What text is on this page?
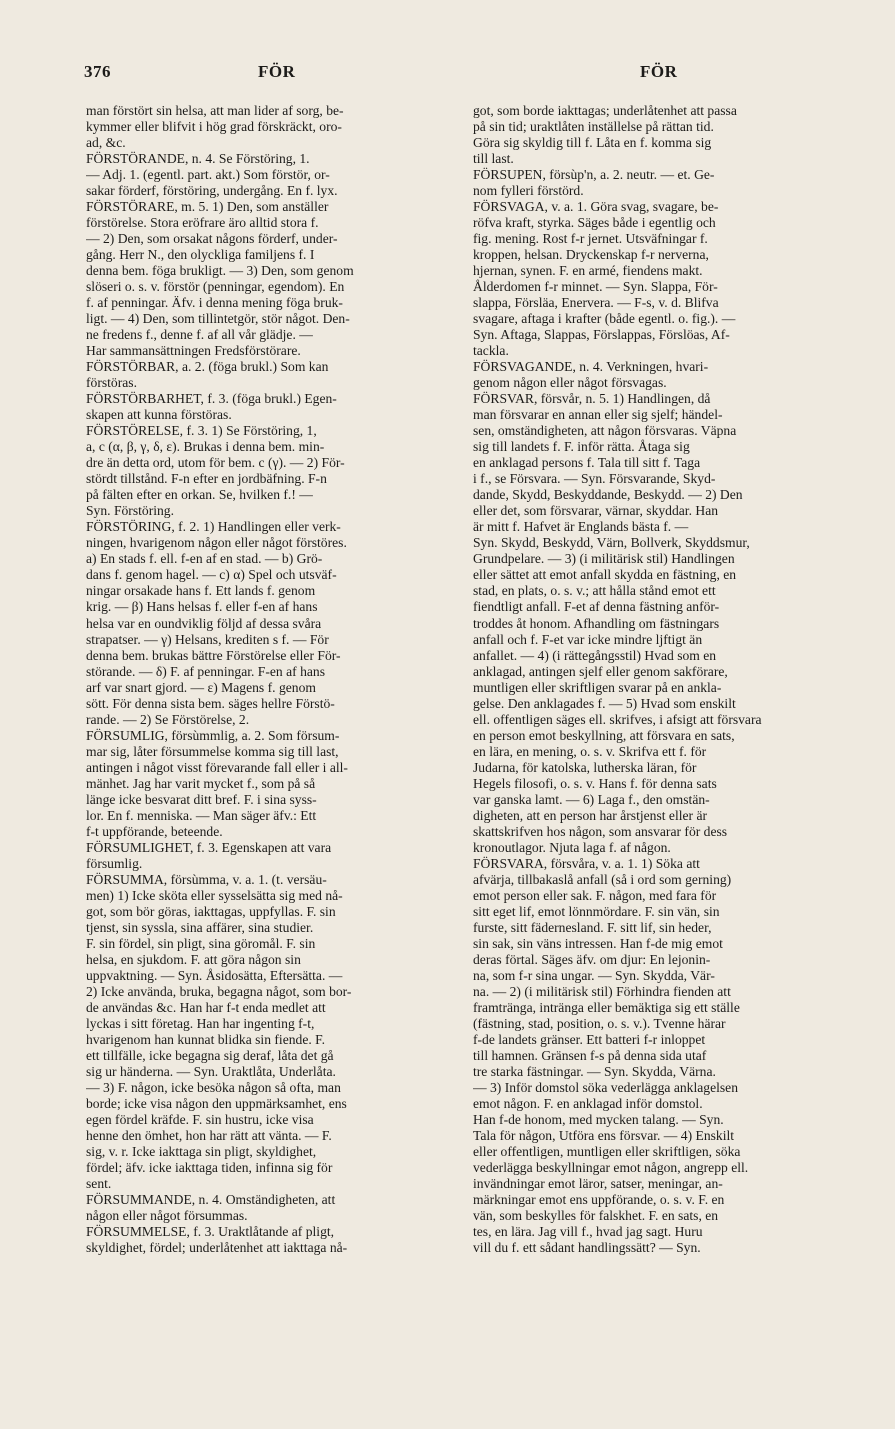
376	FÖR	FÖR
man förstört sin helsa, att man lider af sorg, be-
kymmer eller blifvit i hög grad förskräckt, oro-
ad, &c.
FÖRSTÖRANDE, n. 4. Se Förstöring, 1.
— Adj. 1. (egentl. part. akt.) Som förstör, or-
sakar förderf, förstöring, undergång. En f. lyx.
FÖRSTÖRARE, m. 5. 1) Den, som anställer
förstörelse. Stora eröfrare äro alltid stora f.
— 2) Den, som orsakat någons förderf, under-
gång. Herr N., den olyckliga familjens f. I
denna bem. föga brukligt. — 3) Den, som genom
slöseri o. s. v. förstör (penningar, egendom). En
f. af penningar. Äfv. i denna mening föga bruk-
ligt. — 4) Den, som tillintetgör, stör något. Den-
ne fredens f., denne f. af all vår glädje. —
Har sammansättningen Fredsförstörare.
FÖRSTÖRBAR, a. 2. (föga brukl.) Som kan
förstöras.
FÖRSTÖRBARHET, f. 3. (föga brukl.) Egen-
skapen att kunna förstöras.
FÖRSTÖRELSE, f. 3. 1) Se Förstöring, 1,
a, c (α, β, γ, δ, ε). Brukas i denna bem. min-
dre än detta ord, utom för bem. c (γ). — 2) För-
stördt tillstånd. F-n efter en jordbäfning. F-n
på fälten efter en orkan. Se, hvilken f.! —
Syn. Förstöring.
FÖRSTÖRING, f. 2. 1) Handlingen eller verk-
ningen, hvarigenom någon eller något förstöres.
a) En stads f. ell. f-en af en stad. — b) Grö-
dans f. genom hagel. — c) α) Spel och utsväf-
ningar orsakade hans f. Ett lands f. genom
krig. — β) Hans helsas f. eller f-en af hans
helsa var en oundviklig följd af dessa svåra
strapatser. — γ) Helsans, krediten s f. — För
denna bem. brukas bättre Förstörelse eller För-
störande. — δ) F. af penningar. F-en af hans
arf var snart gjord. — ε) Magens f. genom
sött. För denna sista bem. säges hellre Förstö-
rande. — 2) Se Förstörelse, 2.
FÖRSUMLIG, försùmmlig, a. 2. Som försum-
mar sig, låter försummelse komma sig till last,
antingen i något visst förevarande fall eller i all-
mänhet. Jag har varit mycket f., som på så
länge icke besvarat ditt bref. F. i sina syss-
lor. En f. menniska. — Man säger äfv.: Ett
f-t uppförande, beteende.
FÖRSUMLIGHET, f. 3. Egenskapen att vara
försumlig.
FÖRSUMMA, försùmma, v. a. 1. (t. versäu-
men) 1) Icke sköta eller sysselsätta sig med nå-
got, som bör göras, iakttagas, uppfyllas. F. sin
tjenst, sin syssla, sina affärer, sina studier.
F. sin fördel, sin pligt, sina göromål. F. sin
helsa, en sjukdom. F. att göra någon sin
uppvaktning. — Syn. Åsidosätta, Eftersätta. —
2) Icke använda, bruka, begagna något, som bor-
de användas &c. Han har f-t enda medlet att
lyckas i sitt företag. Han har ingenting f-t,
hvarigenom han kunnat blidka sin fiende. F.
ett tillfälle, icke begagna sig deraf, låta det gå
sig ur händerna. — Syn. Uraktlåta, Underlåta.
— 3) F. någon, icke besöka någon så ofta, man
borde; icke visa någon den uppmärksamhet, ens
egen fördel kräfde. F. sin hustru, icke visa
henne den ömhet, hon har rätt att vänta. — F.
sig, v. r. Icke iakttaga sin pligt, skyldighet,
fördel; äfv. icke iakttaga tiden, infinna sig för
sent.
FÖRSUMMANDE, n. 4. Omständigheten, att
någon eller något försummas.
FÖRSUMMELSE, f. 3. Uraktlåtande af pligt,
skyldighet, fördel; underlåtenhet att iakttaga nå-
got, som borde iakttagas; underlåtenhet att passa
på sin tid; uraktlåten inställelse på rättan tid.
Göra sig skyldig till f. Låta en f. komma sig
till last.
FÖRSUPEN, försùp'n, a. 2. neutr. — et. Ge-
nom fylleri förstörd.
FÖRSVAGA, v. a. 1. Göra svag, svagare, be-
röfva kraft, styrka. Säges både i egentlig och
fig. mening. Rost f-r jernet. Utsväfningar f.
kroppen, helsan. Dryckenskap f-r nerverna,
hjernan, synen. F. en armé, fiendens makt.
Ålderdomen f-r minnet. — Syn. Slappa, För-
slappa, Försläa, Enervera. — F-s, v. d. Blifva
svagare, aftaga i krafter (både egentl. o. fig.). —
Syn. Aftaga, Slappas, Förslappas, Förslöas, Af-
tackla.
FÖRSVAGANDE, n. 4. Verkningen, hvari-
genom någon eller något försvagas.
FÖRSVAR, försvår, n. 5. 1) Handlingen, då
man försvarar en annan eller sig sjelf; händel-
sen, omständigheten, att någon försvaras. Väpna
sig till landets f. F. inför rätta. Åtaga sig
en anklagad persons f. Tala till sitt f. Taga
i f., se Försvara. — Syn. Försvarande, Skyd-
dande, Skydd, Beskyddande, Beskydd. — 2) Den
eller det, som försvarar, värnar, skyddar. Han
är mitt f. Hafvet är Englands bästa f. —
Syn. Skydd, Beskydd, Värn, Bollverk, Skyddsmur,
Grundpelare. — 3) (i militärisk stil) Handlingen
eller sättet att emot anfall skydda en fästning, en
stad, en plats, o. s. v.; att hålla stånd emot ett
fiendtligt anfall. F-et af denna fästning anför-
troddes åt honom. Afhandling om fästningars
anfall och f. F-et var icke mindre ljftigt än
anfallet. — 4) (i rättegångsstil) Hvad som en
anklagad, antingen sjelf eller genom sakförare,
muntligen eller skriftligen svarar på en ankla-
gelse. Den anklagades f. — 5) Hvad som enskilt
ell. offentligen säges ell. skrifves, i afsigt att försvara
en person emot beskyllning, att försvara en sats,
en lära, en mening, o. s. v. Skrifva ett f. för
Judarna, för katolska, lutherska läran, för
Hegels filosofi, o. s. v. Hans f. för denna sats
var ganska lamt. — 6) Laga f., den omstän-
digheten, att en person har årstjenst eller är
skattskrifven hos någon, som ansvarar för dess
kronoutlagor. Njuta laga f. af någon.
FÖRSVARA, försvåra, v. a. 1. 1) Söka att
afvärja, tillbakaslå anfall (så i ord som gerning)
emot person eller sak. F. någon, med fara för
sitt eget lif, emot lönnmördare. F. sin vän, sin
furste, sitt fädernesland. F. sitt lif, sin heder,
sin sak, sin väns intressen. Han f-de mig emot
deras förtal. Säges äfv. om djur: En lejonin-
na, som f-r sina ungar. — Syn. Skydda, Vär-
na. — 2) (i militärisk stil) Förhindra fienden att
framtränga, intränga eller bemäktiga sig ett ställe
(fästning, stad, position, o. s. v.). Tvenne härar
f-de landets gränser. Ett batteri f-r inloppet
till hamnen. Gränsen f-s på denna sida utaf
tre starka fästningar. — Syn. Skydda, Värna.
— 3) Inför domstol söka vederlägga anklagelsen
emot någon. F. en anklagad inför domstol.
Han f-de honom, med mycken talang. — Syn.
Tala för någon, Utföra ens försvar. — 4) Enskilt
eller offentligen, muntligen eller skriftligen, söka
vederlägga beskyllningar emot någon, angrepp ell.
invändningar emot läror, satser, meningar, an-
märkningar emot ens uppförande, o. s. v. F. en
vän, som beskylles för falskhet. F. en sats, en
tes, en lära. Jag vill f., hvad jag sagt. Huru
vill du f. ett sådant handlingssätt? — Syn.
